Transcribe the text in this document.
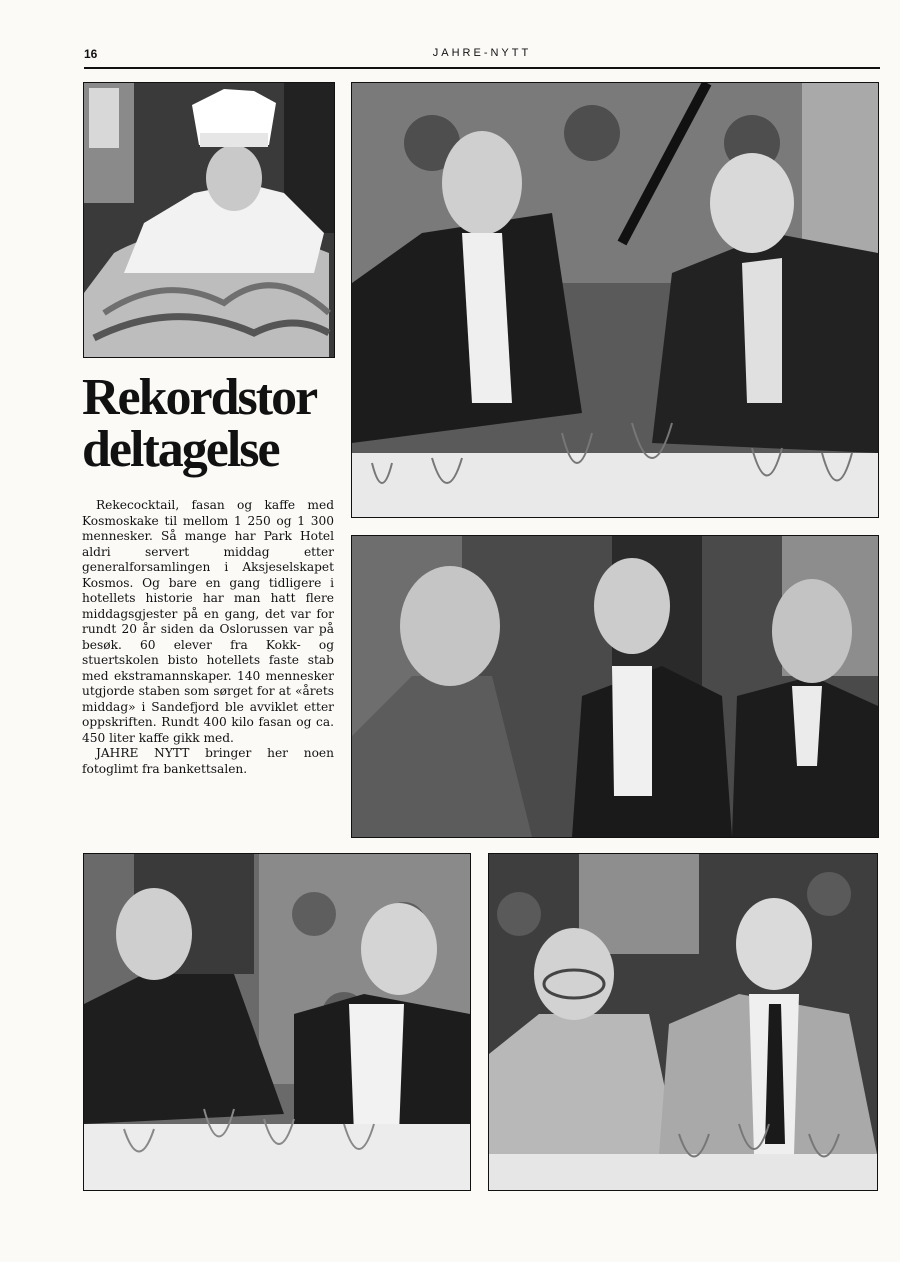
16	JAHRE-NYTT
Rekordstor
deltagelse

Rekecocktail, fasan og kaffe med Kosmoskake til mellom 1 250 og 1 300 mennesker. Så mange har Park Hotel aldri servert middag etter generalforsamlingen i Aksjeselskapet Kosmos. Og bare en gang tidligere i hotellets historie har man hatt flere middagsgjester på en gang, det var for rundt 20 år siden da Oslorussen var på besøk. 60 elever fra Kokk- og stuertskolen bisto hotellets faste stab med ekstramannskaper. 140 mennesker utgjorde staben som sørget for at «årets middag» i Sandefjord ble avviklet etter oppskriften. Rundt 400 kilo fasan og ca. 450 liter kaffe gikk med.

JAHRE NYTT bringer her noen fotoglimt fra bankettsalen.
